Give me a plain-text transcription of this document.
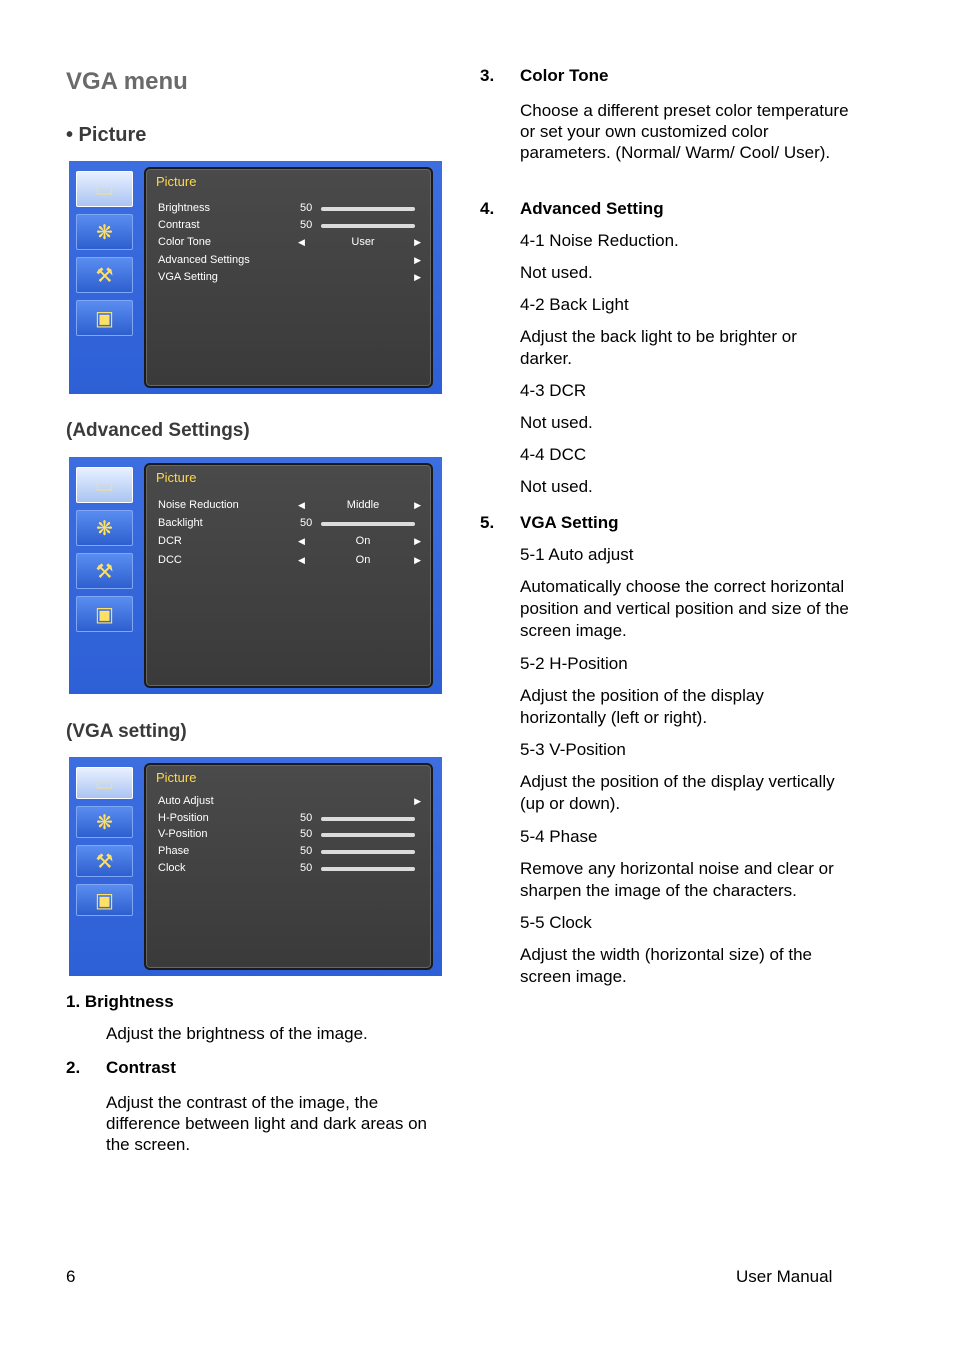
VGA menu
• Picture
▭
❋
⚒
▣
Picture
Brightness	50
Contrast	50
Color Tone	◀	User	▶
Advanced Settings	▶
VGA Setting	▶
(Advanced Settings)
▭
❋
⚒
▣
Picture
Noise Reduction	◀	Middle	▶
Backlight	50
DCR	◀	On	▶
DCC	◀	On	▶
(VGA setting)
▭
❋
⚒
▣
Picture
Auto Adjust	▶
H-Position	50
V-Position	50
Phase	50
Clock	50
1. Brightness
Adjust the brightness of the image.
2. Contrast
Adjust the contrast of the image, the difference between light and dark areas on the screen.
3. Color Tone
Choose a different preset color temperature or set your own customized color parameters. (Normal/ Warm/ Cool/ User).
4. Advanced Setting
4-1 Noise Reduction.
Not used.
4-2 Back Light
Adjust the back light to be brighter or darker.
4-3 DCR
Not used.
4-4 DCC
Not used.
5. VGA Setting
5-1 Auto adjust
Automatically choose the correct horizontal position and vertical position and size of the screen image.
5-2 H-Position
Adjust the position of the display horizontally (left or right).
5-3 V-Position
Adjust the position of the display vertically (up or down).
5-4 Phase
Remove any horizontal noise and clear or sharpen the image of the characters.
5-5 Clock
Adjust the width (horizontal size) of the screen image.
6	User Manual
